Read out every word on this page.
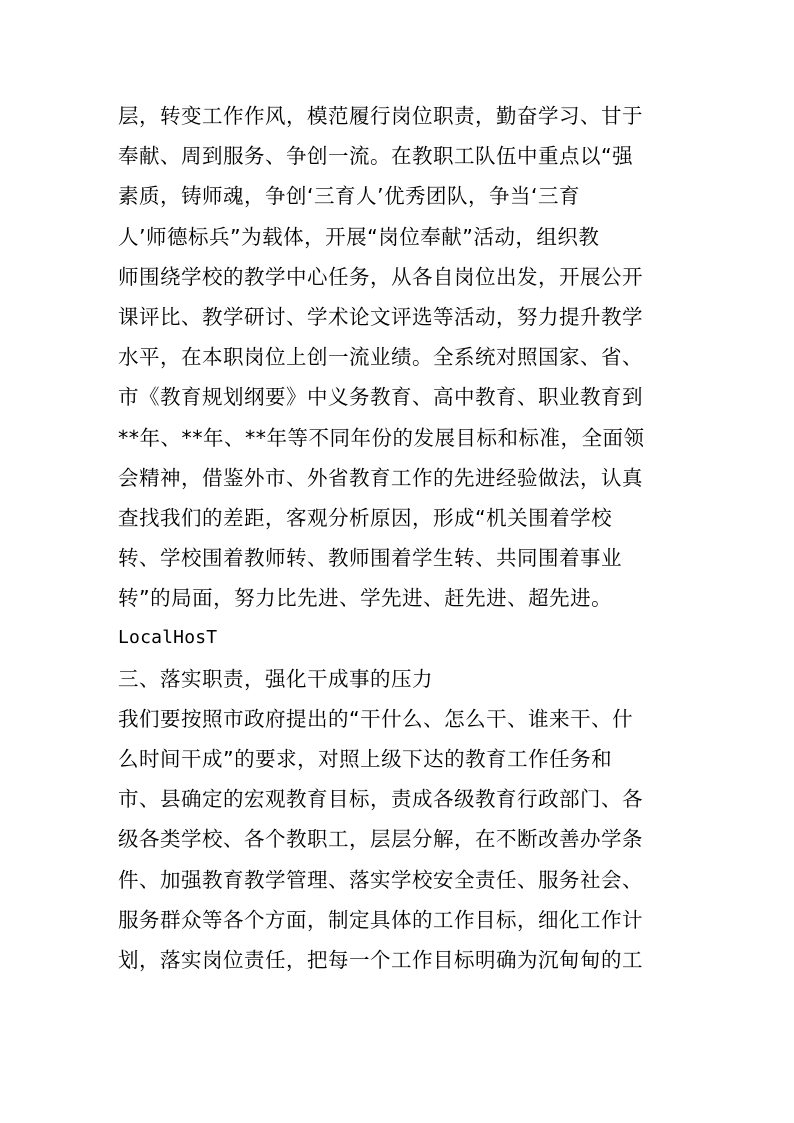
层，转变工作作风，模范履行岗位职责，勤奋学习、甘于
奉献、周到服务、争创一流。在教职工队伍中重点以“强
素质，铸师魂，争创‘三育人’优秀团队，争当‘三育
人’师德标兵”为载体，开展“岗位奉献”活动，组织教
师围绕学校的教学中心任务，从各自岗位出发，开展公开
课评比、教学研讨、学术论文评选等活动，努力提升教学
水平，在本职岗位上创一流业绩。全系统对照国家、省、
市《教育规划纲要》中义务教育、高中教育、职业教育到
**年、**年、**年等不同年份的发展目标和标准，全面领
会精神，借鉴外市、外省教育工作的先进经验做法，认真
查找我们的差距，客观分析原因，形成“机关围着学校
转、学校围着教师转、教师围着学生转、共同围着事业
转”的局面，努力比先进、学先进、赶先进、超先进。
LocalHosT
三、落实职责，强化干成事的压力
我们要按照市政府提出的“干什么、怎么干、谁来干、什
么时间干成”的要求，对照上级下达的教育工作任务和
市、县确定的宏观教育目标，责成各级教育行政部门、各
级各类学校、各个教职工，层层分解，在不断改善办学条
件、加强教育教学管理、落实学校安全责任、服务社会、
服务群众等各个方面，制定具体的工作目标，细化工作计
划，落实岗位责任，把每一个工作目标明确为沉甸甸的工
